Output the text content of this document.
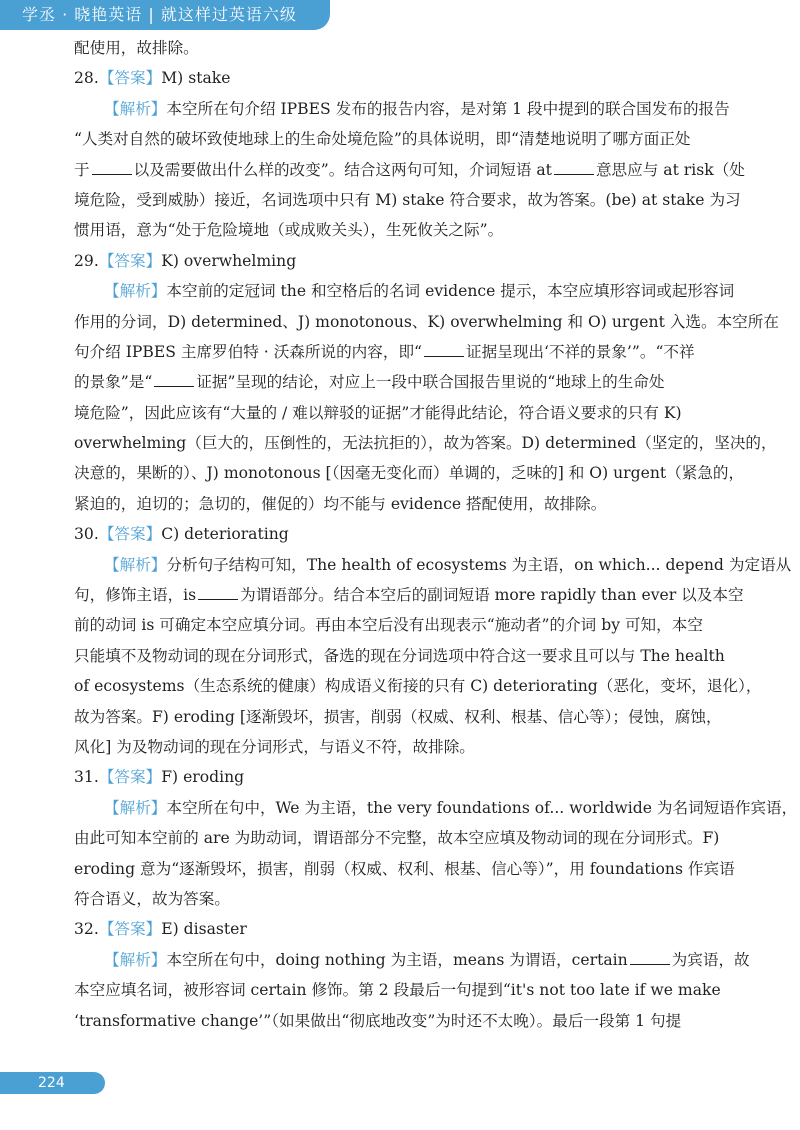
学丞 · 晓艳英语 | 就这样过英语六级
配使用，故排除。
28.【答案】M) stake
【解析】本空所在句介绍 IPBES 发布的报告内容，是对第 1 段中提到的联合国发布的报告
“人类对自然的破坏致使地球上的生命处境危险”的具体说明，即“清楚地说明了哪方面正处
于	以及需要做出什么样的改变”。结合这两句可知，介词短语 at	意思应与 at risk（处
境危险，受到威胁）接近，名词选项中只有 M) stake 符合要求，故为答案。(be) at stake 为习
惯用语，意为“处于危险境地（或成败关头），生死攸关之际”。
29.【答案】K) overwhelming
【解析】本空前的定冠词 the 和空格后的名词 evidence 提示，本空应填形容词或起形容词
作用的分词，D) determined、J) monotonous、K) overwhelming 和 O) urgent 入选。本空所在
句介绍 IPBES 主席罗伯特 · 沃森所说的内容，即“	证据呈现出‘不祥的景象’”。“不祥
的景象”是“	证据”呈现的结论，对应上一段中联合国报告里说的“地球上的生命处
境危险”，因此应该有“大量的 / 难以辩驳的证据”才能得此结论，符合语义要求的只有 K)
overwhelming（巨大的，压倒性的，无法抗拒的），故为答案。D) determined（坚定的，坚决的，
决意的，果断的）、J) monotonous [（因毫无变化而）单调的，乏味的] 和 O) urgent（紧急的，
紧迫的，迫切的；急切的，催促的）均不能与 evidence 搭配使用，故排除。
30.【答案】C) deteriorating
【解析】分析句子结构可知，The health of ecosystems 为主语，on which... depend 为定语从
句，修饰主语，is	为谓语部分。结合本空后的副词短语 more rapidly than ever 以及本空
前的动词 is 可确定本空应填分词。再由本空后没有出现表示“施动者”的介词 by 可知，本空
只能填不及物动词的现在分词形式，备选的现在分词选项中符合这一要求且可以与 The health
of ecosystems（生态系统的健康）构成语义衔接的只有 C) deteriorating（恶化，变坏，退化），
故为答案。F) eroding [逐渐毁坏，损害，削弱（权威、权利、根基、信心等）；侵蚀，腐蚀，
风化] 为及物动词的现在分词形式，与语义不符，故排除。
31.【答案】F) eroding
【解析】本空所在句中，We 为主语，the very foundations of... worldwide 为名词短语作宾语，
由此可知本空前的 are 为助动词，谓语部分不完整，故本空应填及物动词的现在分词形式。F)
eroding 意为“逐渐毁坏，损害，削弱（权威、权利、根基、信心等）”，用 foundations 作宾语
符合语义，故为答案。
32.【答案】E) disaster
【解析】本空所在句中，doing nothing 为主语，means 为谓语，certain	为宾语，故
本空应填名词，被形容词 certain 修饰。第 2 段最后一句提到“it's not too late if we make
‘transformative change’”（如果做出“彻底地改变”为时还不太晚）。最后一段第 1 句提
224
